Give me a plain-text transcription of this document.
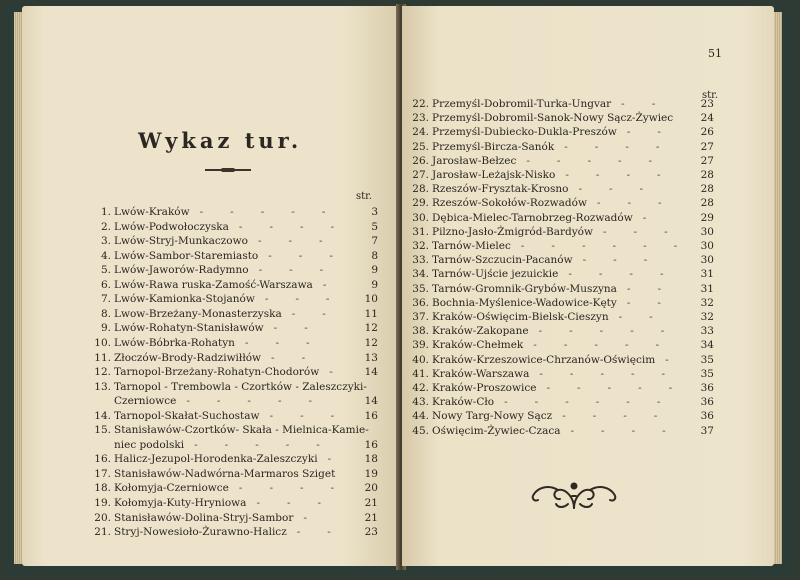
Wykaz tur.
str.
1. Lwów-Kraków	3
-  -  -  -  -
2. Lwów-Podwołoczyska	5
-  -  -  -
3. Lwów-Stryj-Munkaczowo	7
-  -  -
4. Lwów-Sambor-Staremiasto	8
-  -  -
5. Lwów-Jaworów-Radymno	9
-  -  -
6. Lwów-Rawa ruska-Zamość-Warszawa	9
-
7. Lwów-Kamionka-Stojanów	10
-  -  -
8. Lwow-Brzeżany-Monasterzyska	11
-  -
9. Lwów-Rohatyn-Stanisławów	12
-  -
10. Lwów-Bóbrka-Rohatyn	12
-  -  -
11. Złoczów-Brody-Radziwiłłów	13
-  -
12. Tarnopol-Brzeżany-Rohatyn-Chodorów	14
-
13. Tarnopol - Trembowla - Czortków - Zaleszczyki-
Czerniowce	14
-  -  -  -  -
14. Tarnopol-Skałat-Suchostaw	16
-  -  -
15. Stanisławów-Czortków- Skała - Mielnica-Kamie-
niec podolski	16
-  -  -  -  -
16. Halicz-Jezupol-Horodenka-Zaleszczyki	18
-
17. Stanisławów-Nadwórna-Marmaros Sziget	19
18. Kołomyja-Czerniowce	20
-  -  -  -
19. Kołomyja-Kuty-Hryniowa	21
-  -  -
20. Stanisławów-Dolina-Stryj-Sambor	21
-
21. Stryj-Nowesioło-Żurawno-Halicz	23
-  -
51
str.
22. Przemyśl-Dobromil-Turka-Ungvar	23
-  -
23. Przemyśl-Dobromil-Sanok-Nowy Sącz-Żywiec	24
24. Przemyśl-Dubiecko-Dukla-Preszów	26
-  -
25. Przemyśl-Bircza-Sanók	27
-  -  -  -
26. Jarosław-Bełzec	27
-  -  -  -  -
27. Jarosław-Leżajsk-Nisko	28
-  -  -  -
28. Rzeszów-Frysztak-Krosno	28
-  -  -
29. Rzeszów-Sokołów-Rozwadów	28
-  -  -
30. Dębica-Mielec-Tarnobrzeg-Rozwadów	29
-
31. Pilzno-Jasło-Żmigród-Bardyów	30
-  -  -
32. Tarnów-Mielec	30
-  -  -  -  -  -
33. Tarnów-Szczucin-Pacanów	30
-  -  -
34. Tarnów-Ujście jezuickie	31
-  -  -  -
35. Tarnów-Gromnik-Grybów-Muszyna	31
-  -
36. Bochnia-Myślenice-Wadowice-Kęty	32
-  -
37. Kraków-Oświęcim-Bielsk-Cieszyn	32
-  -
38. Kraków-Zakopane	33
-  -  -  -  -
39. Kraków-Chełmek	34
-  -  -  -  -
40. Kraków-Krzeszowice-Chrzanów-Oświęcim	35
-
41. Kraków-Warszawa	35
-  -  -  -  -
42. Kraków-Proszowice	36
-  -  -  -  -
43. Kraków-Cło	36
-  -  -  -  -  -
44. Nowy Targ-Nowy Sącz	36
-  -  -  -
45. Oświęcim-Żywiec-Czaca	37
-  -  -  -
